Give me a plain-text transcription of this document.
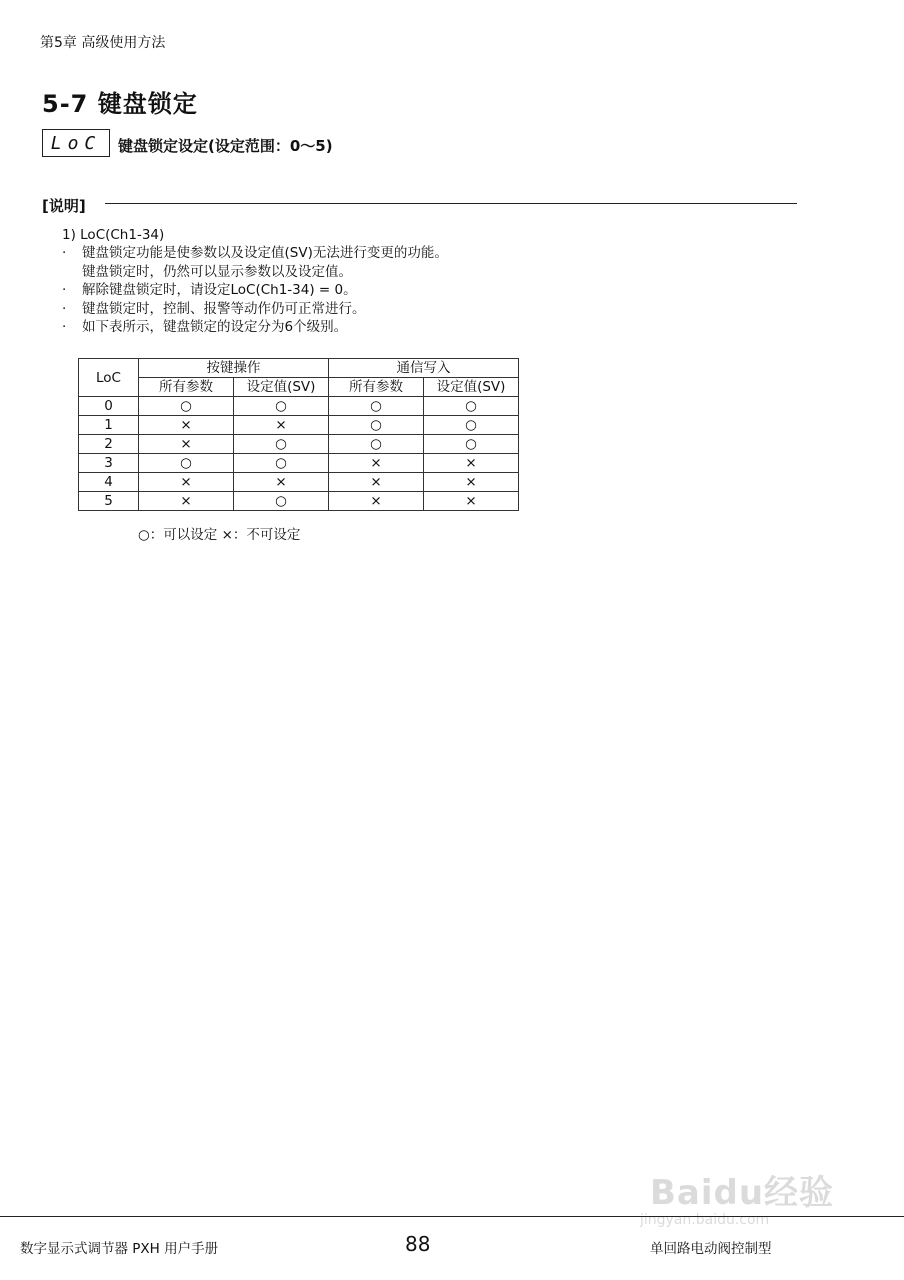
第5章 高级使用方法
5-7 键盘锁定
LoC	键盘锁定设定(设定范围：0～5)
[说明]
1) LoC(Ch1-34)
· 键盘锁定功能是使参数以及设定值(SV)无法进行变更的功能。
键盘锁定时，仍然可以显示参数以及设定值。
· 解除键盘锁定时，请设定LoC(Ch1-34) = 0。
· 键盘锁定时，控制、报警等动作仍可正常进行。
· 如下表所示，键盘锁定的设定分为6个级别。
LoC	按键操作		通信写入	
	所有参数	设定值(SV)	所有参数	设定值(SV)
0	○	○	○	○
1	×	×	○	○
2	×	○	○	○
3	○	○	×	×
4	×	×	×	×
5	×	○	×	×
○：可以设定 ×：不可设定
Baidu经验
jingyan.baidu.com
数字显示式调节器 PXH 用户手册	88	单回路电动阀控制型
